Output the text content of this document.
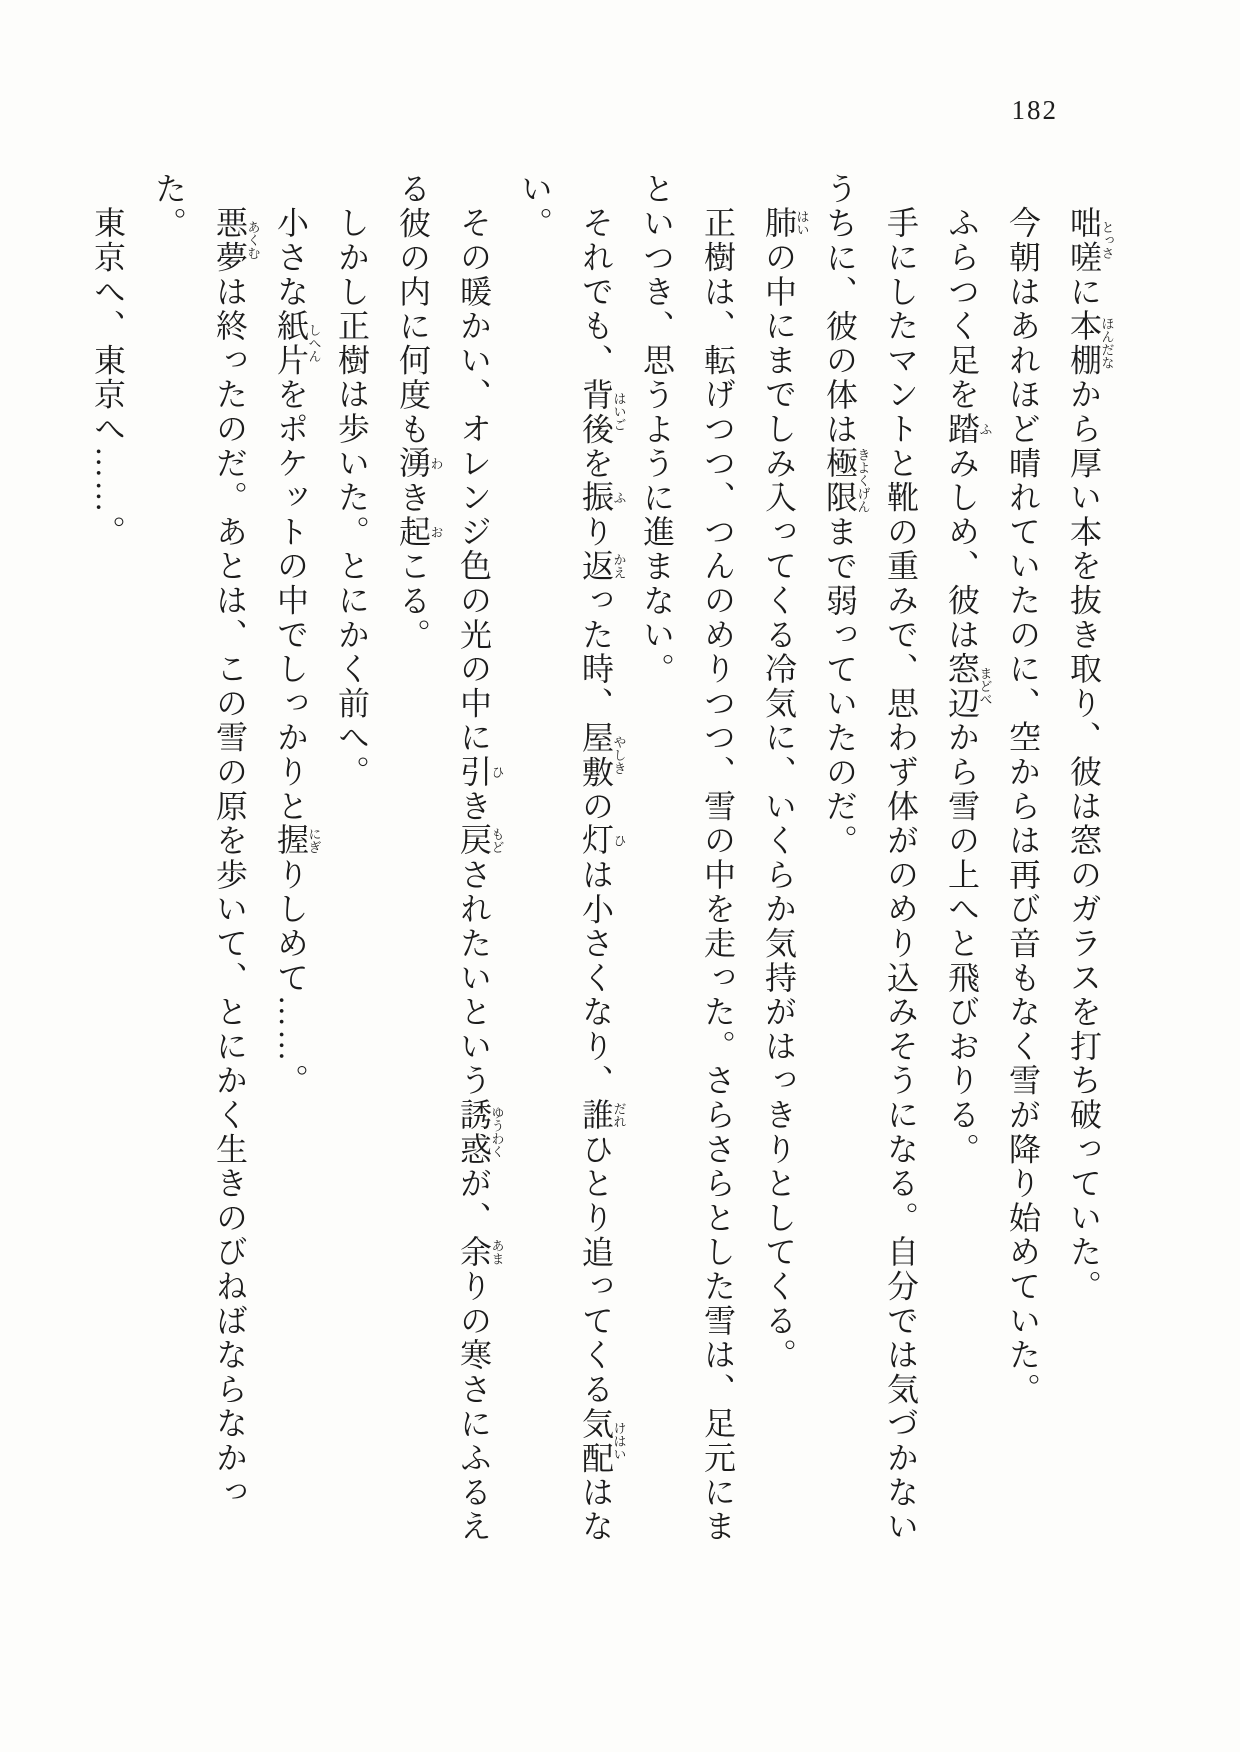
182
咄嗟とっさに本棚ほんだなから厚い本を抜き取り、彼は窓のガラスを打ち破っていた。
今朝はあれほど晴れていたのに、空からは再び音もなく雪が降り始めていた。
ふらつく足を踏ふみしめ、彼は窓辺まどべから雪の上へと飛びおりる。
手にしたマントと靴の重みで、思わず体がのめり込みそうになる。自分では気づかない
うちに、彼の体は極限きよくげんまで弱っていたのだ。
肺はいの中にまでしみ入ってくる冷気に、いくらか気持がはっきりとしてくる。
正樹は、転げつつ、つんのめりつつ、雪の中を走った。さらさらとした雪は、足元にま
といつき、思うように進まない。
それでも、背後はいごを振ふり返かえった時、屋敷やしきの灯ひは小さくなり、誰だれひとり追ってくる気配けはいはな
い。
その暖かい、オレンジ色の光の中に引ひき戻もどされたいという誘惑ゆうわくが、余あまりの寒さにふるえ
る彼の内に何度も湧わき起おこる。
しかし正樹は歩いた。とにかく前へ。
小さな紙片しへんをポケットの中でしっかりと握にぎりしめて……。
悪夢あくむは終ったのだ。あとは、この雪の原を歩いて、とにかく生きのびねばならなかった。
東京へ、東京へ……。
